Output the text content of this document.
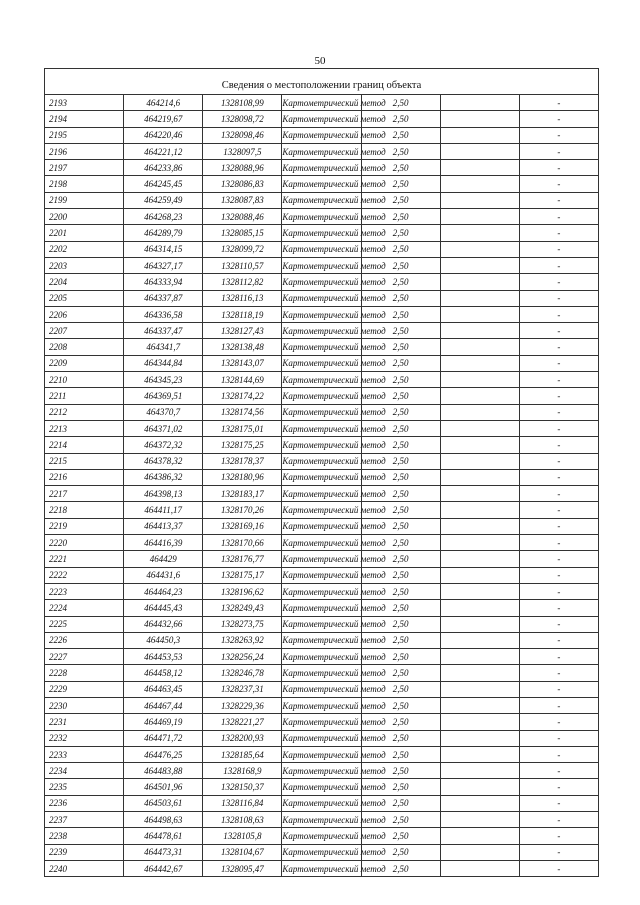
50

Сведения о местоположении границ объекта						
2193	464214,6	1328108,99	Картометрический метод	2,50		-
2194	464219,67	1328098,72	Картометрический метод	2,50		-
2195	464220,46	1328098,46	Картометрический метод	2,50		-
2196	464221,12	1328097,5	Картометрический метод	2,50		-
2197	464233,86	1328088,96	Картометрический метод	2,50		-
2198	464245,45	1328086,83	Картометрический метод	2,50		-
2199	464259,49	1328087,83	Картометрический метод	2,50		-
2200	464268,23	1328088,46	Картометрический метод	2,50		-
2201	464289,79	1328085,15	Картометрический метод	2,50		-
2202	464314,15	1328099,72	Картометрический метод	2,50		-
2203	464327,17	1328110,57	Картометрический метод	2,50		-
2204	464333,94	1328112,82	Картометрический метод	2,50		-
2205	464337,87	1328116,13	Картометрический метод	2,50		-
2206	464336,58	1328118,19	Картометрический метод	2,50		-
2207	464337,47	1328127,43	Картометрический метод	2,50		-
2208	464341,7	1328138,48	Картометрический метод	2,50		-
2209	464344,84	1328143,07	Картометрический метод	2,50		-
2210	464345,23	1328144,69	Картометрический метод	2,50		-
2211	464369,51	1328174,22	Картометрический метод	2,50		-
2212	464370,7	1328174,56	Картометрический метод	2,50		-
2213	464371,02	1328175,01	Картометрический метод	2,50		-
2214	464372,32	1328175,25	Картометрический метод	2,50		-
2215	464378,32	1328178,37	Картометрический метод	2,50		-
2216	464386,32	1328180,96	Картометрический метод	2,50		-
2217	464398,13	1328183,17	Картометрический метод	2,50		-
2218	464411,17	1328170,26	Картометрический метод	2,50		-
2219	464413,37	1328169,16	Картометрический метод	2,50		-
2220	464416,39	1328170,66	Картометрический метод	2,50		-
2221	464429	1328176,77	Картометрический метод	2,50		-
2222	464431,6	1328175,17	Картометрический метод	2,50		-
2223	464464,23	1328196,62	Картометрический метод	2,50		-
2224	464445,43	1328249,43	Картометрический метод	2,50		-
2225	464432,66	1328273,75	Картометрический метод	2,50		-
2226	464450,3	1328263,92	Картометрический метод	2,50		-
2227	464453,53	1328256,24	Картометрический метод	2,50		-
2228	464458,12	1328246,78	Картометрический метод	2,50		-
2229	464463,45	1328237,31	Картометрический метод	2,50		-
2230	464467,44	1328229,36	Картометрический метод	2,50		-
2231	464469,19	1328221,27	Картометрический метод	2,50		-
2232	464471,72	1328200,93	Картометрический метод	2,50		-
2233	464476,25	1328185,64	Картометрический метод	2,50		-
2234	464483,88	1328168,9	Картометрический метод	2,50		-
2235	464501,96	1328150,37	Картометрический метод	2,50		-
2236	464503,61	1328116,84	Картометрический метод	2,50		-
2237	464498,63	1328108,63	Картометрический метод	2,50		-
2238	464478,61	1328105,8	Картометрический метод	2,50		-
2239	464473,31	1328104,67	Картометрический метод	2,50		-
2240	464442,67	1328095,47	Картометрический метод	2,50		-
